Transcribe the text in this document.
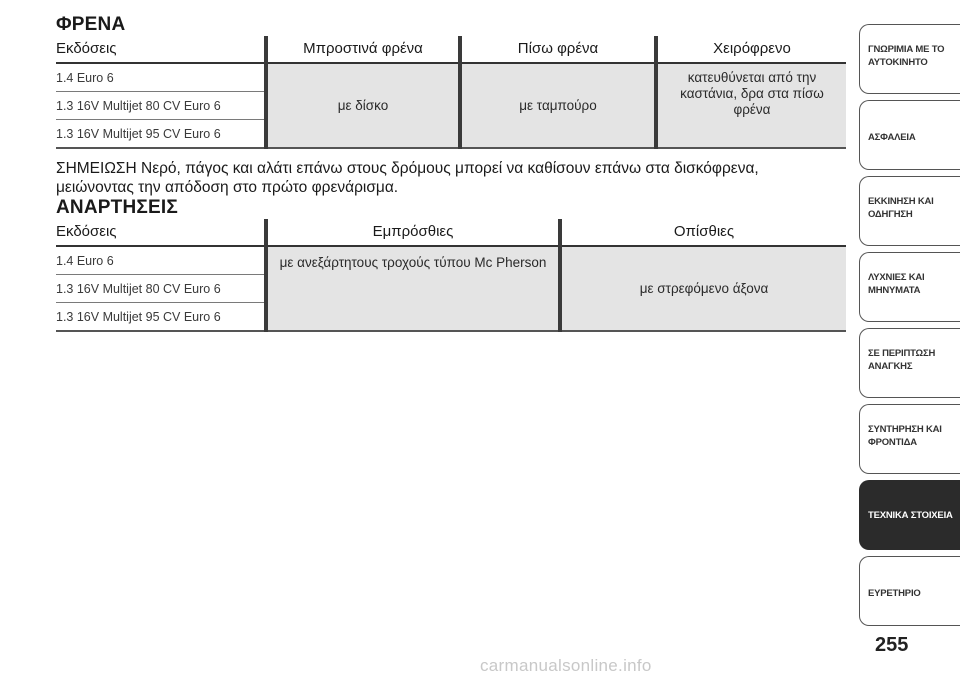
ΦΡΕΝΑ
Εκδόσεις	Μπροστινά φρένα	Πίσω φρένα	Χειρόφρενο
1.4 Euro 6	με δίσκο	με ταμπούρο	κατευθύνεται από την καστάνια, δρα στα πίσω φρένα
1.3 16V Multijet 80 CV Euro 6			
1.3 16V Multijet 95 CV Euro 6			

ΣΗΜΕΙΩΣΗ Νερό, πάγος και αλάτι επάνω στους δρόμους μπορεί να καθίσουν επάνω στα δισκόφρενα, μειώνοντας την απόδοση στο πρώτο φρενάρισμα.

ΑΝΑΡΤΗΣΕΙΣ
Εκδόσεις	Εμπρόσθιες	Οπίσθιες
1.4 Euro 6	με ανεξάρτητους τροχούς τύπου Mc Pherson	με στρεφόμενο άξονα
1.3 16V Multijet 80 CV Euro 6		
1.3 16V Multijet 95 CV Euro 6		
ΓΝΩΡΙΜΙΑ ΜΕ ΤΟ ΑΥΤΟΚΙΝΗΤΟ
ΑΣΦΑΛΕΙΑ
ΕΚΚΙΝΗΣΗ ΚΑΙ ΟΔΗΓΗΣΗ
ΛΥΧΝΙΕΣ ΚΑΙ ΜΗΝΥΜΑΤΑ
ΣΕ ΠΕΡΙΠΤΩΣΗ ΑΝΑΓΚΗΣ
ΣΥΝΤΗΡΗΣΗ ΚΑΙ ΦΡΟΝΤΙΔΑ
ΤΕΧΝΙΚΑ ΣΤΟΙΧΕΙΑ
ΕΥΡΕΤΗΡΙΟ
255
carmanualsonline.info
